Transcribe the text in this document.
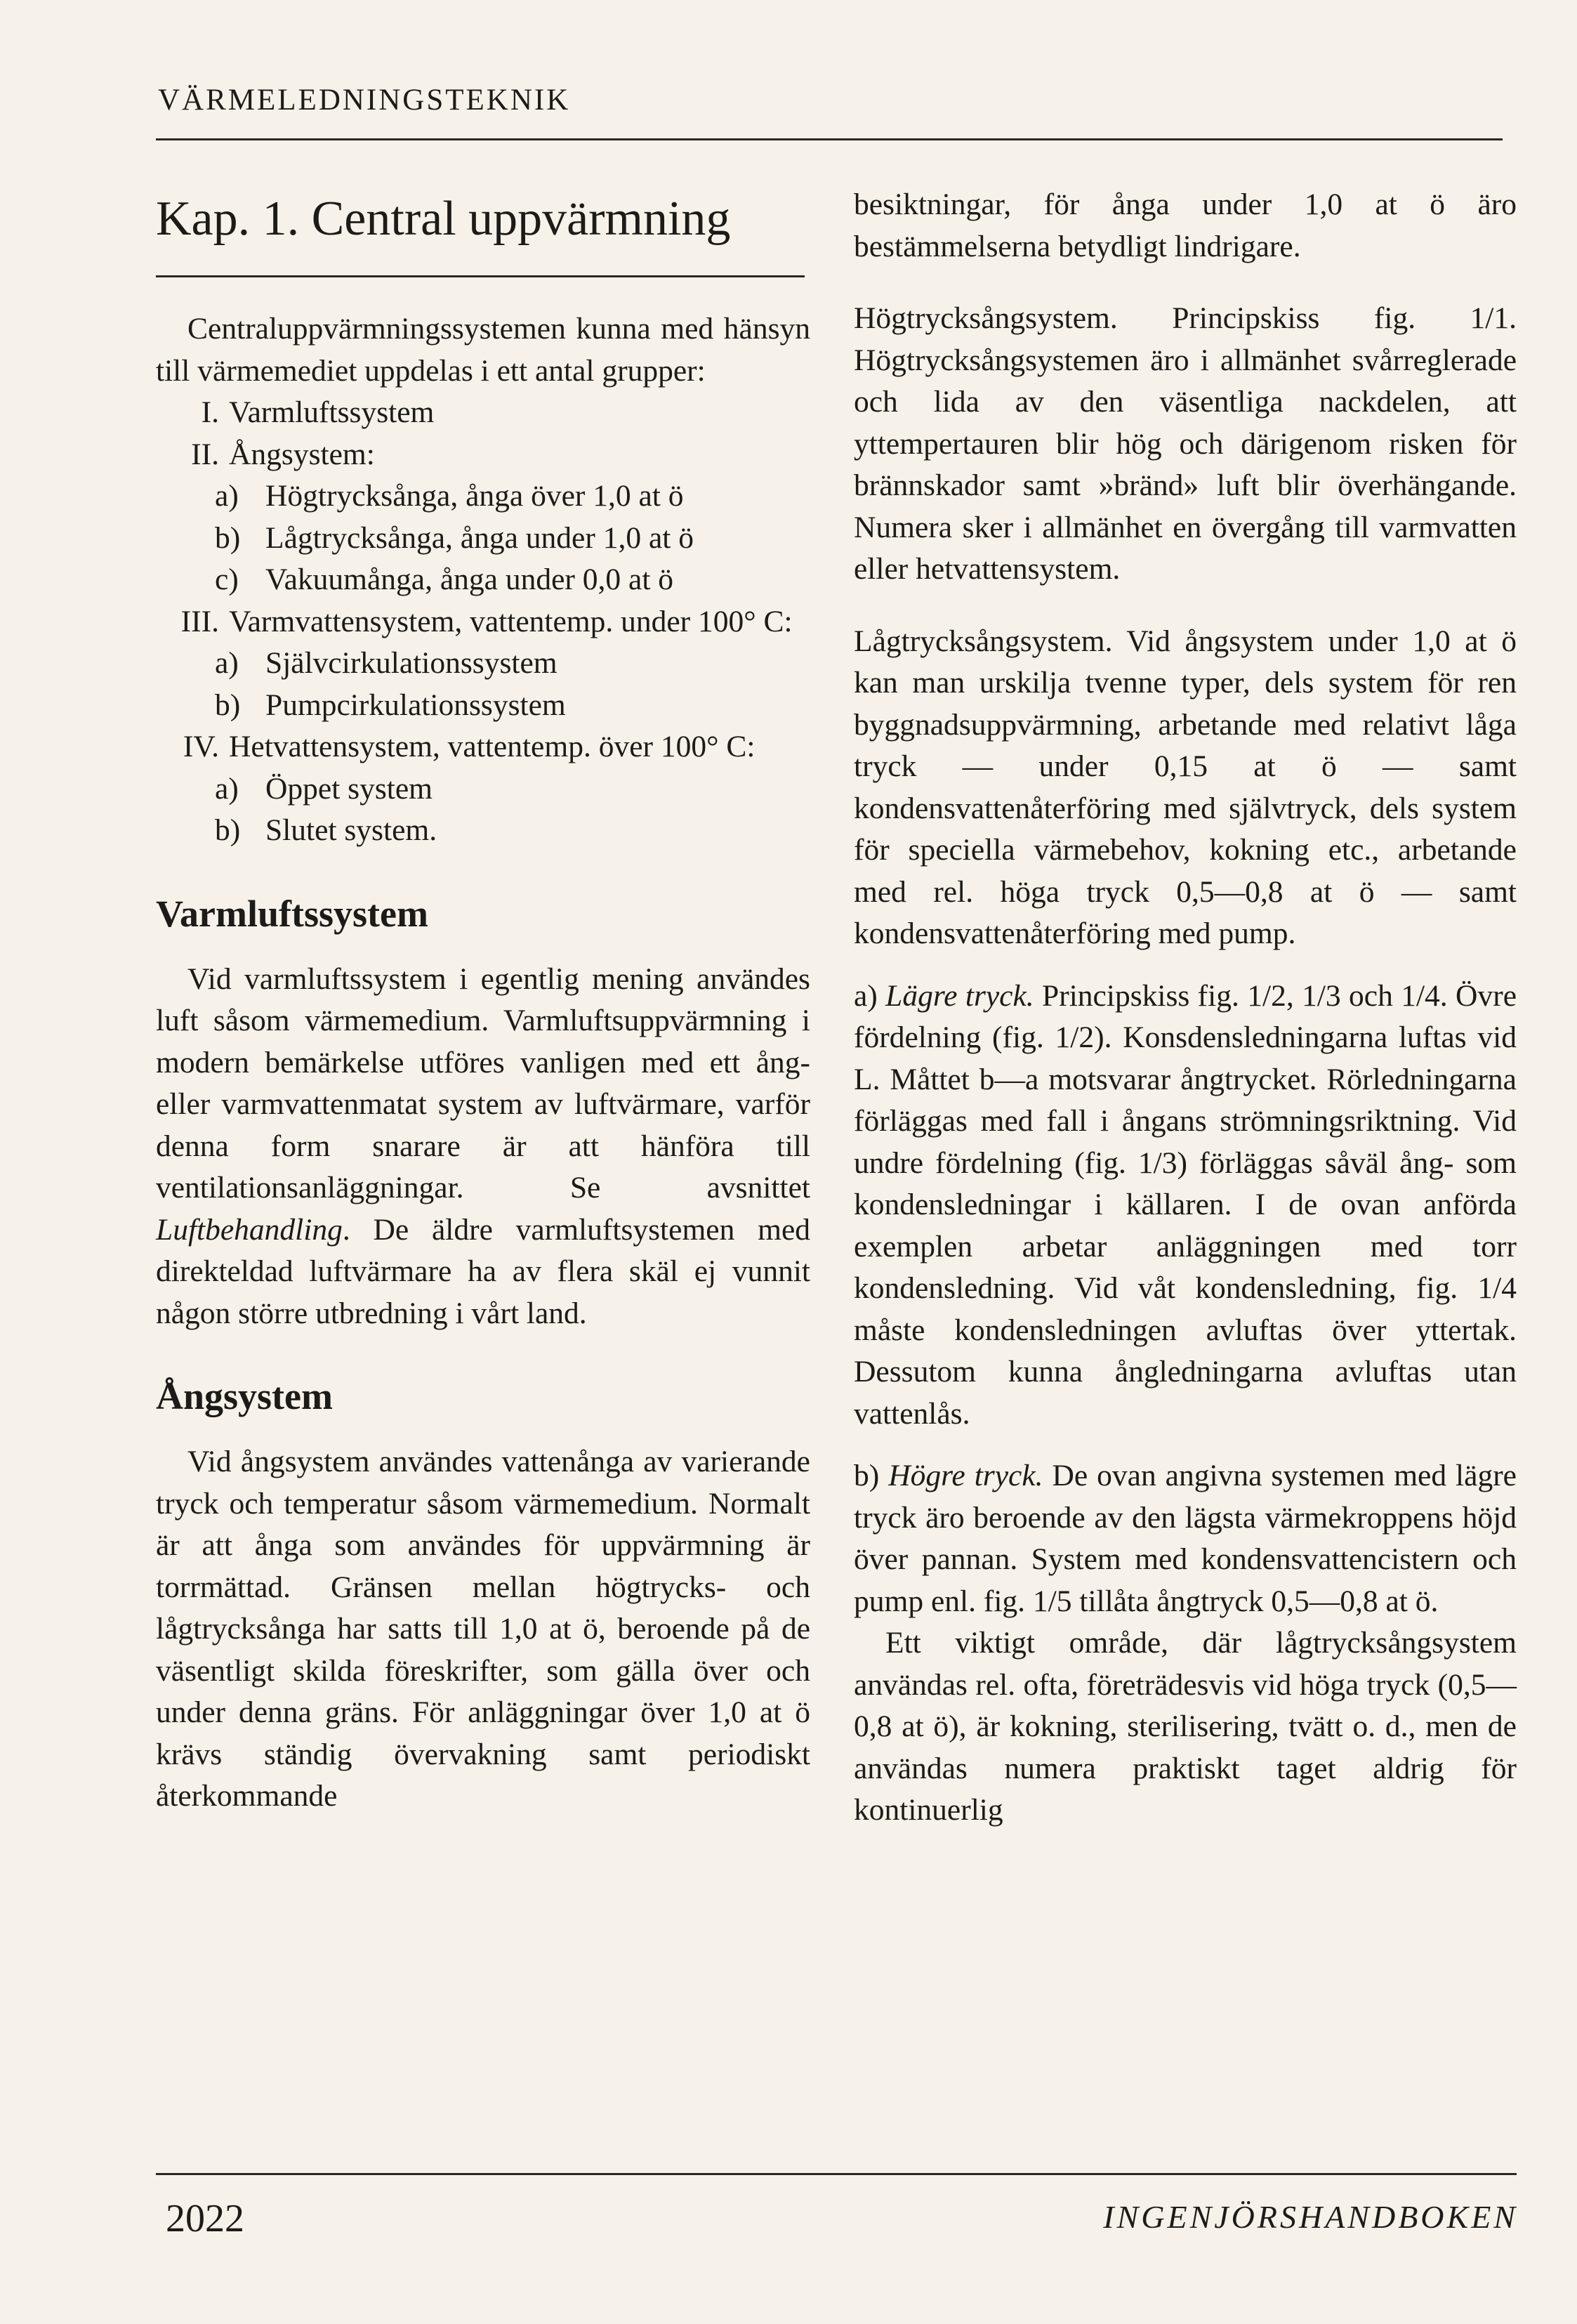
VÄRMELEDNINGSTEKNIK
Kap. 1. Central uppvärmning

Centraluppvärmningssystemen kunna med hänsyn till värmemediet uppdelas i ett antal grupper:

I. Varmluftssystem
II. Ångsystem:
a) Högtrycksånga, ånga över 1,0 at ö
b) Lågtrycksånga, ånga under 1,0 at ö
c) Vakuumånga, ånga under 0,0 at ö
III. Varmvattensystem, vattentemp. under 100° C:
a) Självcirkulationssystem
b) Pumpcirkulationssystem
IV. Hetvattensystem, vattentemp. över 100° C:
a) Öppet system
b) Slutet system.
Varmluftssystem

Vid varmluftssystem i egentlig mening användes luft såsom värmemedium. Varmluftsuppvärmning i modern bemärkelse utföres vanligen med ett ång- eller varmvattenmatat system av luftvärmare, varför denna form snarare är att hänföra till ventilationsanläggningar. Se avsnittet Luftbehandling. De äldre varmluftsystemen med direkteldad luftvärmare ha av flera skäl ej vunnit någon större utbredning i vårt land.

Ångsystem

Vid ångsystem användes vattenånga av varierande tryck och temperatur såsom värmemedium. Normalt är att ånga som användes för uppvärmning är torrmättad. Gränsen mellan högtrycks- och lågtrycksånga har satts till 1,0 at ö, beroende på de väsentligt skilda föreskrifter, som gälla över och under denna gräns. För anläggningar över 1,0 at ö krävs ständig övervakning samt periodiskt återkommande

besiktningar, för ånga under 1,0 at ö äro bestämmelserna betydligt lindrigare.

Högtrycksångsystem. Principskiss fig. 1/1. Högtrycksångsystemen äro i allmänhet svårreglerade och lida av den väsentliga nackdelen, att yttempertauren blir hög och därigenom risken för brännskador samt »bränd» luft blir överhängande. Numera sker i allmänhet en övergång till varmvatten eller hetvattensystem.

Lågtrycksångsystem. Vid ångsystem under 1,0 at ö kan man urskilja tvenne typer, dels system för ren byggnadsuppvärmning, arbetande med relativt låga tryck — under 0,15 at ö — samt kondensvattenåterföring med självtryck, dels system för speciella värmebehov, kokning etc., arbetande med rel. höga tryck 0,5—0,8 at ö — samt kondensvattenåterföring med pump.

a) Lägre tryck. Principskiss fig. 1/2, 1/3 och 1/4. Övre fördelning (fig. 1/2). Konsdensledningarna luftas vid L. Måttet b—a motsvarar ångtrycket. Rörledningarna förläggas med fall i ångans strömningsriktning. Vid undre fördelning (fig. 1/3) förläggas såväl ång- som kondensledningar i källaren. I de ovan anförda exemplen arbetar anläggningen med torr kondensledning. Vid våt kondensledning, fig. 1/4 måste kondensledningen avluftas över yttertak. Dessutom kunna ångledningarna avluftas utan vattenlås.

b) Högre tryck. De ovan angivna systemen med lägre tryck äro beroende av den lägsta värmekroppens höjd över pannan. System med kondensvattencistern och pump enl. fig. 1/5 tillåta ångtryck 0,5—0,8 at ö.

Ett viktigt område, där lågtrycksångsystem användas rel. ofta, företrädesvis vid höga tryck (0,5—0,8 at ö), är kokning, sterilisering, tvätt o. d., men de användas numera praktiskt taget aldrig för kontinuerlig

2022	INGENJÖRSHANDBOKEN
